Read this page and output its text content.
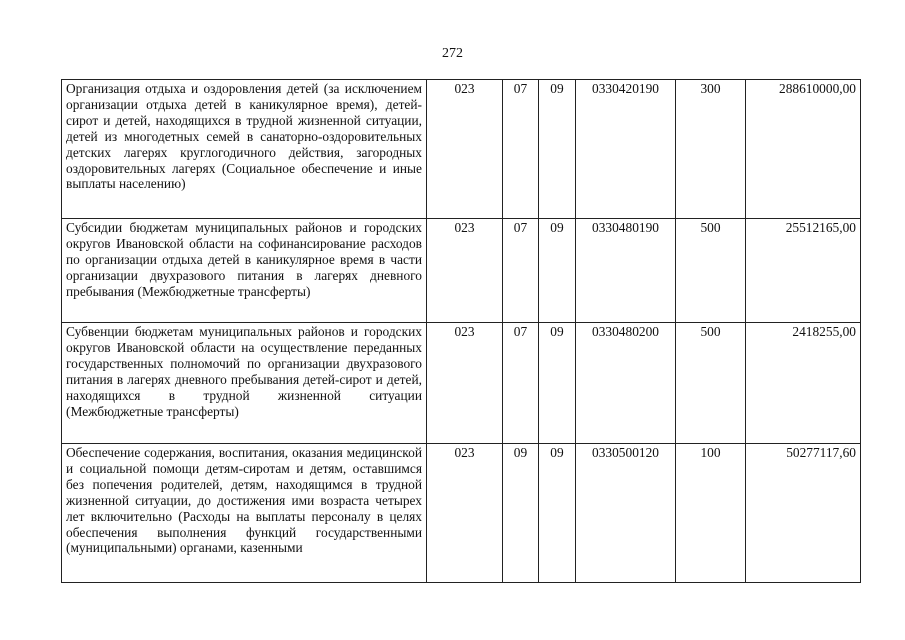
272
Организация отдыха и оздоровления детей (за исключением организации отдыха детей в каникулярное время), детей-сирот и детей, находящихся в трудной жизненной ситуации, детей из многодетных семей в санаторно-оздоровительных детских лагерях круглогодичного действия, загородных оздоровительных лагерях (Социальное обеспечение и иные выплаты населению)	023	07	09	0330420190	300	288610000,00
Субсидии бюджетам муниципальных районов и городских округов Ивановской области на софинансирование расходов по организации отдыха детей в каникулярное время в части организации двухразового питания в лагерях дневного пребывания (Межбюджетные трансферты)	023	07	09	0330480190	500	25512165,00
Субвенции бюджетам муниципальных районов и городских округов Ивановской области на осуществление переданных государственных полномочий по организации двухразового питания в лагерях дневного пребывания детей-сирот и детей, находящихся в трудной жизненной ситуации (Межбюджетные трансферты)	023	07	09	0330480200	500	2418255,00
Обеспечение содержания, воспитания, оказания медицинской и социальной помощи детям-сиротам и детям, оставшимся без попечения родителей, детям, находящимся в трудной жизненной ситуации, до достижения ими возраста четырех лет включительно (Расходы на выплаты персоналу в целях обеспечения выполнения функций государственными (муниципальными) органами, казенными	023	09	09	0330500120	100	50277117,60
